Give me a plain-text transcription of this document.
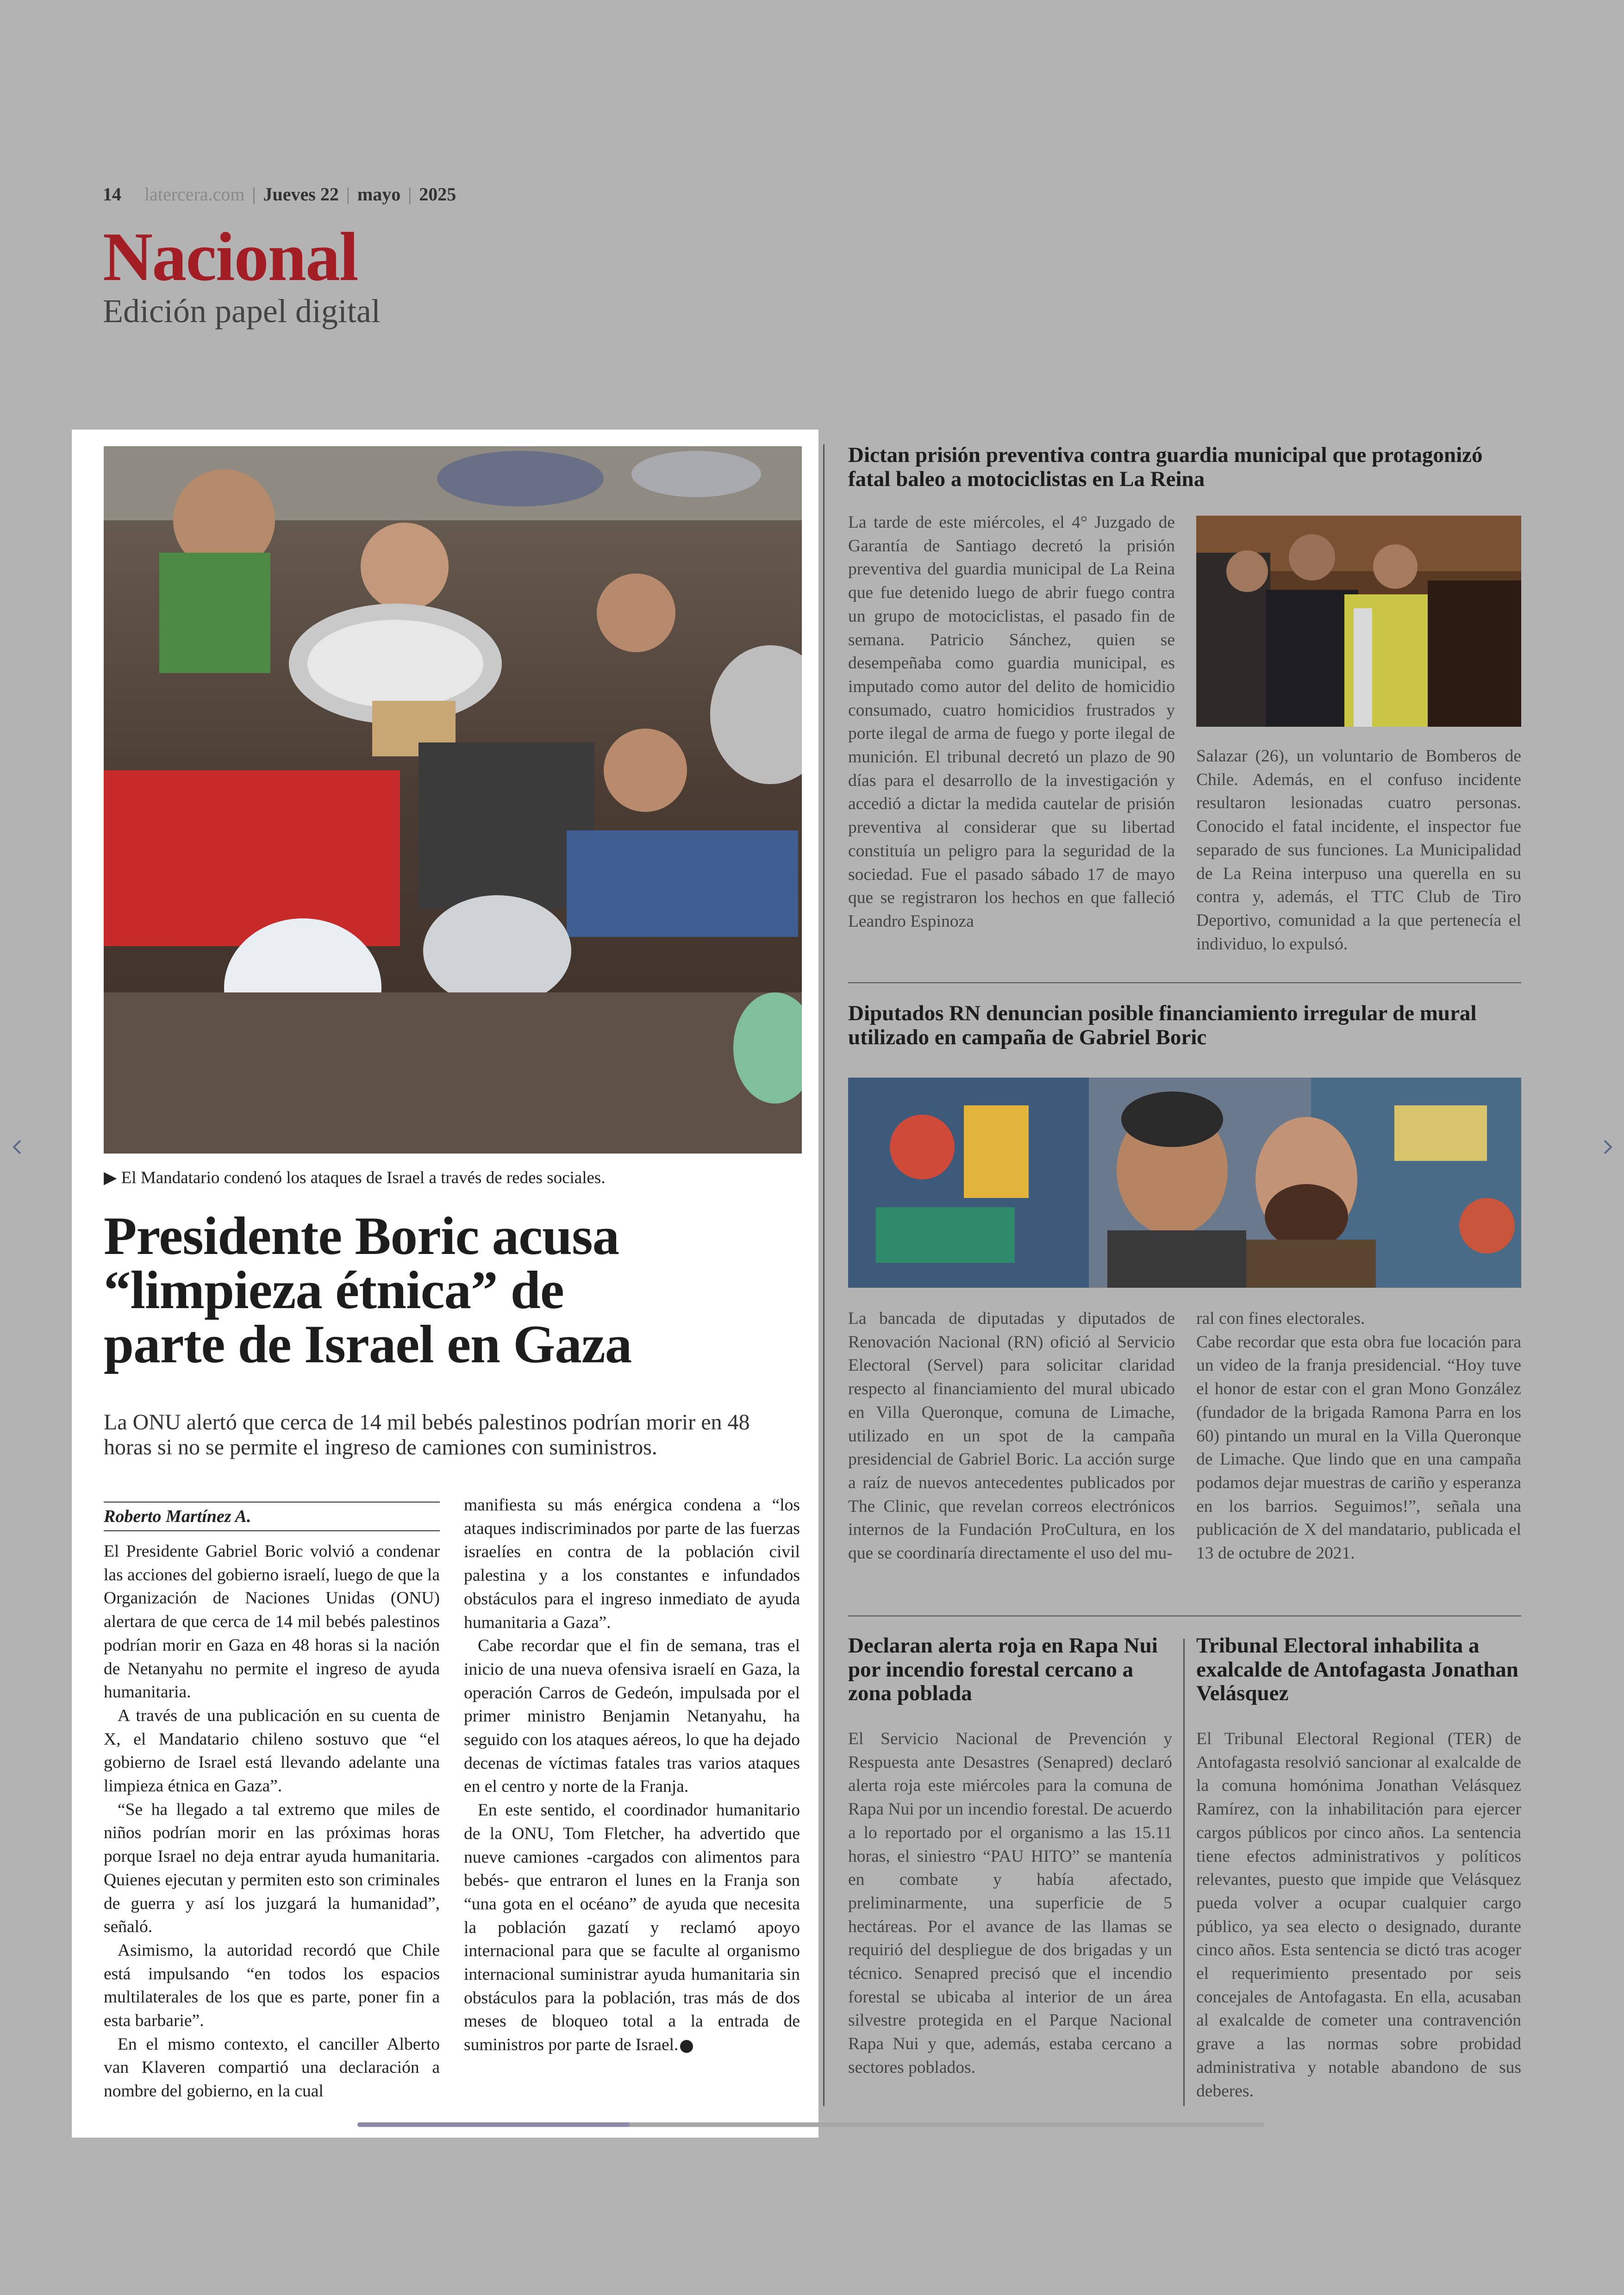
14 latercera.com | Jueves 22 | mayo | 2025
Nacional
Edición papel digital
▶ El Mandatario condenó los ataques de Israel a través de redes sociales.
Presidente Boric acusa
“limpieza étnica” de
parte de Israel en Gaza
La ONU alertó que cerca de 14 mil bebés palestinos podrían morir en 48 horas si no se permite el ingreso de camiones con suministros.
Roberto Martínez A.

El Presidente Gabriel Boric volvió a condenar las acciones del gobierno israelí, luego de que la Organización de Naciones Unidas (ONU) alertara de que cerca de 14 mil bebés palestinos podrían morir en Gaza en 48 horas si la nación de Netanyahu no permite el ingreso de ayuda humanitaria.

A través de una publicación en su cuenta de X, el Mandatario chileno sostuvo que “el gobierno de Israel está llevando adelante una limpieza étnica en Gaza”.

“Se ha llegado a tal extremo que miles de niños podrían morir en las próximas horas porque Israel no deja entrar ayuda humanitaria. Quienes ejecutan y permiten esto son criminales de guerra y así los juzgará la humanidad”, señaló.

Asimismo, la autoridad recordó que Chile está impulsando “en todos los espacios multilaterales de los que es parte, poner fin a esta barbarie”.

En el mismo contexto, el canciller Alberto van Klaveren compartió una declaración a nombre del gobierno, en la cual

manifiesta su más enérgica condena a “los ataques indiscriminados por parte de las fuerzas israelíes en contra de la población civil palestina y a los constantes e infundados obstáculos para el ingreso inmediato de ayuda humanitaria a Gaza”.

Cabe recordar que el fin de semana, tras el inicio de una nueva ofensiva israelí en Gaza, la operación Carros de Gedeón, impulsada por el primer ministro Benjamin Netanyahu, ha seguido con los ataques aéreos, lo que ha dejado decenas de víctimas fatales tras varios ataques en el centro y norte de la Franja.

En este sentido, el coordinador humanitario de la ONU, Tom Fletcher, ha advertido que nueve camiones -cargados con alimentos para bebés- que entraron el lunes en la Franja son “una gota en el océano” de ayuda que necesita la población gazatí y reclamó apoyo internacional para que se faculte al organismo internacional suministrar ayuda humanitaria sin obstáculos para la población, tras más de dos meses de bloqueo total a la entrada de suministros por parte de Israel.

Dictan prisión preventiva contra guardia municipal que protagonizó fatal baleo a motociclistas en La Reina
La tarde de este miércoles, el 4° Juzgado de Garantía de Santiago decretó la prisión preventiva del guardia municipal de La Reina que fue detenido luego de abrir fuego contra un grupo de motociclistas, el pasado fin de semana. Patricio Sánchez, quien se desempeñaba como guardia municipal, es imputado como autor del delito de homicidio consumado, cuatro homicidios frustrados y porte ilegal de arma de fuego y porte ilegal de munición. El tribunal decretó un plazo de 90 días para el desarrollo de la investigación y accedió a dictar la medida cautelar de prisión preventiva al considerar que su libertad constituía un peligro para la seguridad de la sociedad. Fue el pasado sábado 17 de mayo que se registraron los hechos en que falleció Leandro Espinoza
Salazar (26), un voluntario de Bomberos de Chile. Además, en el confuso incidente resultaron lesionadas cuatro personas. Conocido el fatal incidente, el inspector fue separado de sus funciones. La Municipalidad de La Reina interpuso una querella en su contra y, además, el TTC Club de Tiro Deportivo, comunidad a la que pertenecía el individuo, lo expulsó.
Diputados RN denuncian posible financiamiento irregular de mural utilizado en campaña de Gabriel Boric
La bancada de diputadas y diputados de Renovación Nacional (RN) ofició al Servicio Electoral (Servel) para solicitar claridad respecto al financiamiento del mural ubicado en Villa Queronque, comuna de Limache, utilizado en un spot de la campaña presidencial de Gabriel Boric. La acción surge a raíz de nuevos antecedentes publicados por The Clinic, que revelan correos electrónicos internos de la Fundación ProCultura, en los que se coordinaría directamente el uso del mu-
ral con fines electorales.
Cabe recordar que esta obra fue locación para un video de la franja presidencial. “Hoy tuve el honor de estar con el gran Mono González (fundador de la brigada Ramona Parra en los 60) pintando un mural en la Villa Queronque de Limache. Que lindo que en una campaña podamos dejar muestras de cariño y esperanza en los barrios. Seguimos!”, señala una publicación de X del mandatario, publicada el 13 de octubre de 2021.
Declaran alerta roja en Rapa Nui por incendio forestal cercano a zona poblada
El Servicio Nacional de Prevención y Respuesta ante Desastres (Senapred) declaró alerta roja este miércoles para la comuna de Rapa Nui por un incendio forestal. De acuerdo a lo reportado por el organismo a las 15.11 horas, el siniestro “PAU HITO” se mantenía en combate y había afectado, preliminarmente, una superficie de 5 hectáreas. Por el avance de las llamas se requirió del despliegue de dos brigadas y un técnico. Senapred precisó que el incendio forestal se ubicaba al interior de un área silvestre protegida en el Parque Nacional Rapa Nui y que, además, estaba cercano a sectores poblados.
Tribunal Electoral inhabilita a exalcalde de Antofagasta Jonathan Velásquez
El Tribunal Electoral Regional (TER) de Antofagasta resolvió sancionar al exalcalde de la comuna homónima Jonathan Velásquez Ramírez, con la inhabilitación para ejercer cargos públicos por cinco años. La sentencia tiene efectos administrativos y políticos relevantes, puesto que impide que Velásquez pueda volver a ocupar cualquier cargo público, ya sea electo o designado, durante cinco años. Esta sentencia se dictó tras acoger el requerimiento presentado por seis concejales de Antofagasta. En ella, acusaban al exalcalde de cometer una contravención grave a las normas sobre probidad administrativa y notable abandono de sus deberes.
